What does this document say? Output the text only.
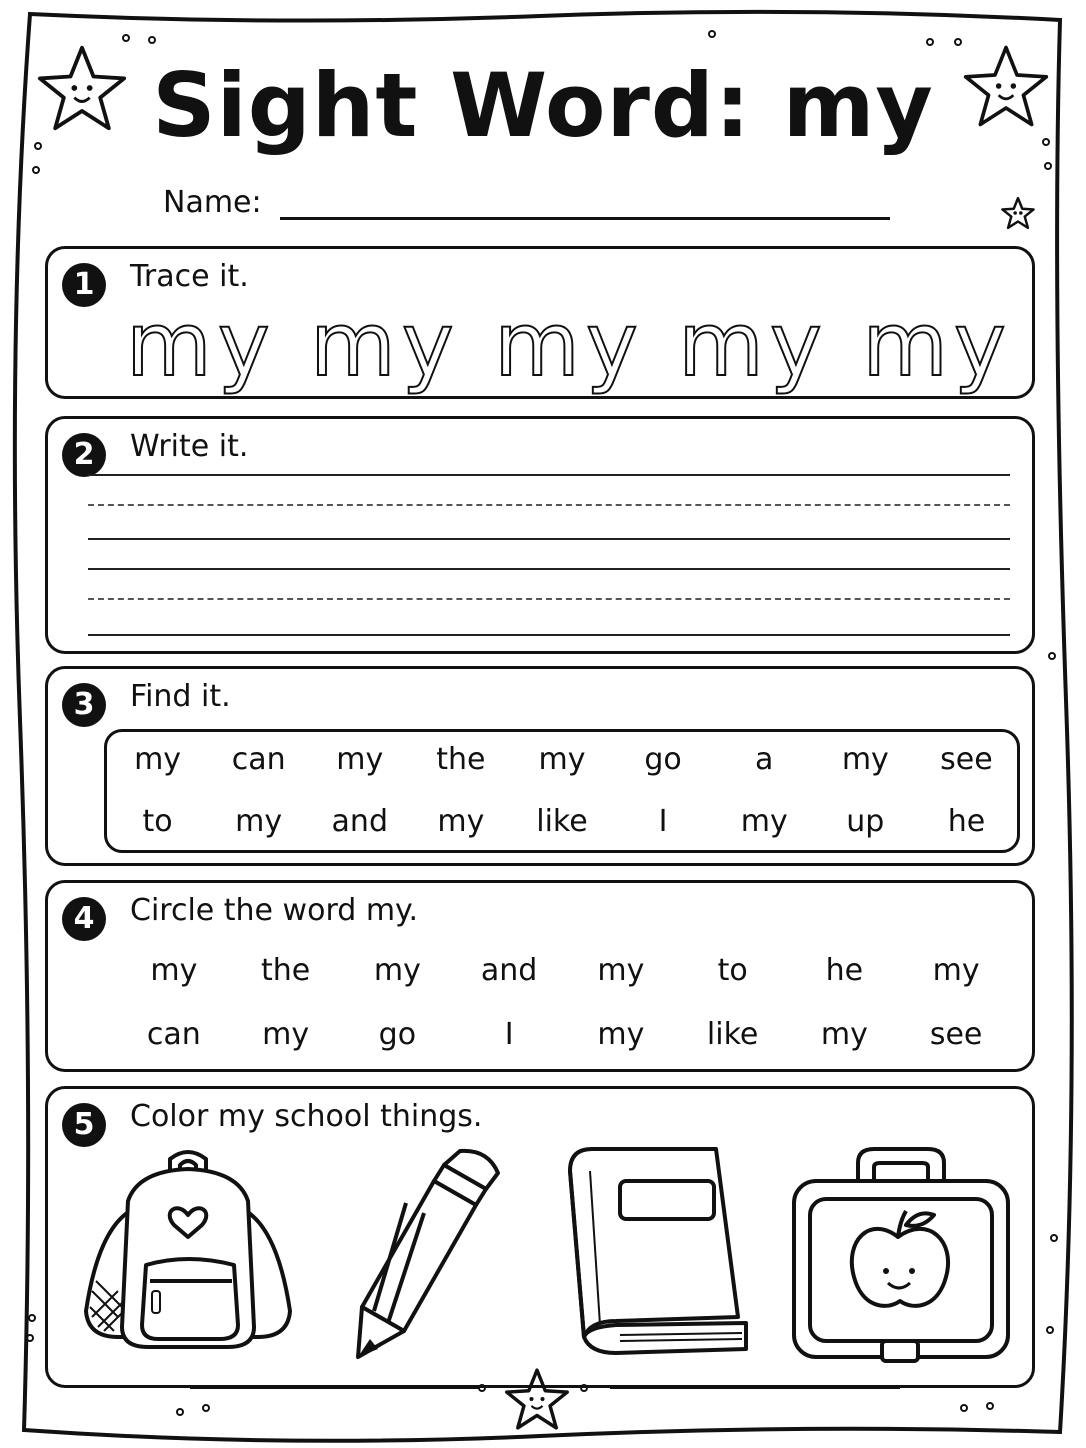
Sight Word: my
Name:
1	Trace it.
my my my my my
2	Write it.
3	Find it.
my	can	my	the	my	go	a	my	see
to	my	and	my	like	I	my	up	he
4	Circle the word my.
my	the	my	and	my	to	he	my
can	my	go	I	my	like	my	see
5	Color my school things.
